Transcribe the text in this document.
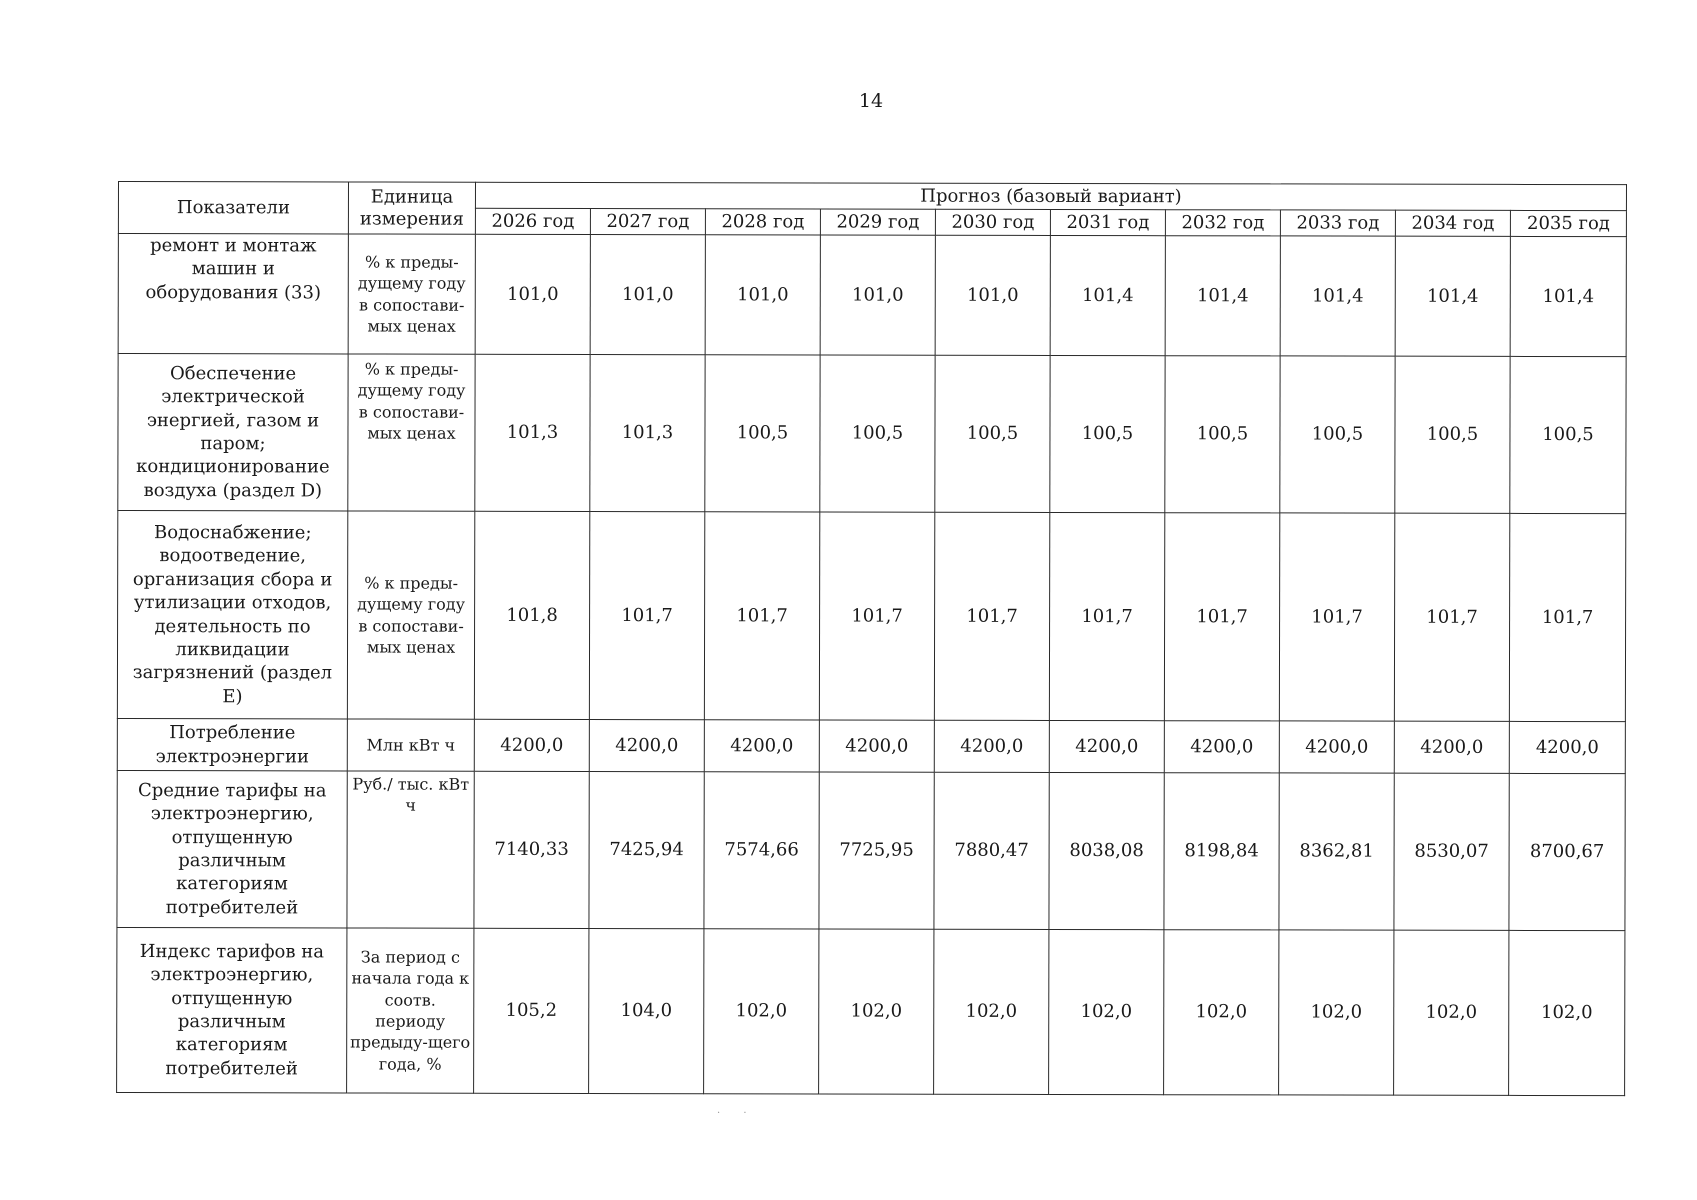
14
Показатели	Единица измерения	Прогноз (базовый вариант)									
		2026 год	2027 год	2028 год	2029 год	2030 год	2031 год	2032 год	2033 год	2034 год	2035 год
ремонт и монтаж машин и оборудования (33)	% к преды-дущему году в сопостави-мых ценах	101,0	101,0	101,0	101,0	101,0	101,4	101,4	101,4	101,4	101,4
Обеспечение электрической энергией, газом и паром; кондиционирование воздуха (раздел D)	% к преды-дущему году в сопостави-мых ценах	101,3	101,3	100,5	100,5	100,5	100,5	100,5	100,5	100,5	100,5
Водоснабжение; водоотведение, организация сбора и утилизации отходов, деятельность по ликвидации загрязнений (раздел E)	% к преды-дущему году в сопостави-мых ценах	101,8	101,7	101,7	101,7	101,7	101,7	101,7	101,7	101,7	101,7
Потребление электроэнергии	Млн кВт ч	4200,0	4200,0	4200,0	4200,0	4200,0	4200,0	4200,0	4200,0	4200,0	4200,0
Средние тарифы на электроэнергию, отпущенную различным категориям потребителей	Руб./ тыс. кВт ч	7140,33	7425,94	7574,66	7725,95	7880,47	8038,08	8198,84	8362,81	8530,07	8700,67
Индекс тарифов на электроэнергию, отпущенную различным категориям потребителей	За период с начала года к соотв. периоду предыду-щего года, %	105,2	104,0	102,0	102,0	102,0	102,0	102,0	102,0	102,0	102,0
· ·
